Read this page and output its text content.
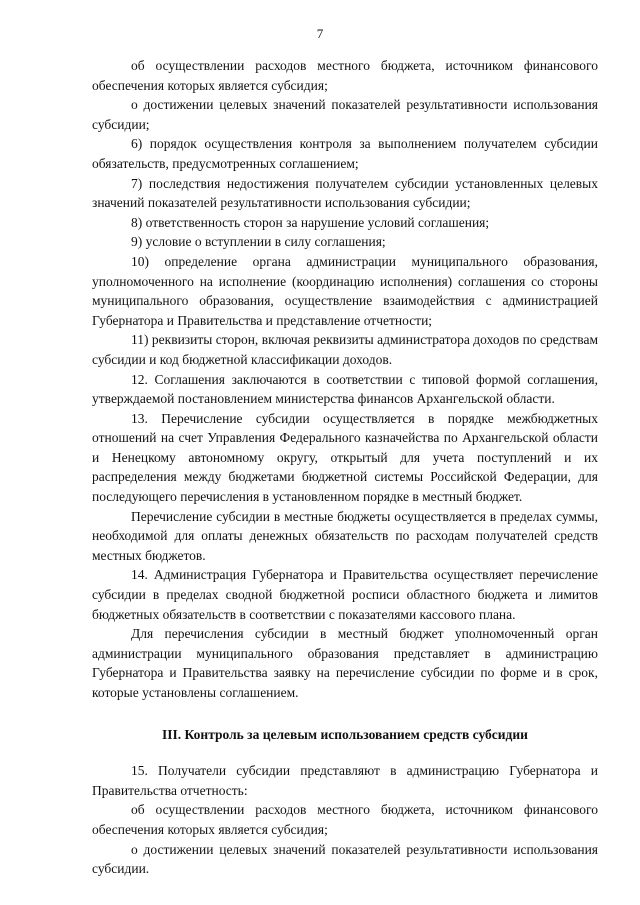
7

об осуществлении расходов местного бюджета, источником финансового обеспечения которых является субсидия;

о достижении целевых значений показателей результативности использования субсидии;

6) порядок осуществления контроля за выполнением получателем субсидии обязательств, предусмотренных соглашением;

7) последствия недостижения получателем субсидии установленных целевых значений показателей результативности использования субсидии;

8) ответственность сторон за нарушение условий соглашения;

9) условие о вступлении в силу соглашения;

10) определение органа администрации муниципального образования, уполномоченного на исполнение (координацию исполнения) соглашения со стороны муниципального образования, осуществление взаимодействия с администрацией Губернатора и Правительства и представление отчетности;

11) реквизиты сторон, включая реквизиты администратора доходов по средствам субсидии и код бюджетной классификации доходов.

12. Соглашения заключаются в соответствии с типовой формой соглашения, утверждаемой постановлением министерства финансов Архангельской области.

13. Перечисление субсидии осуществляется в порядке межбюджетных отношений на счет Управления Федерального казначейства по Архангельской области и Ненецкому автономному округу, открытый для учета поступлений и их распределения между бюджетами бюджетной системы Российской Федерации, для последующего перечисления в установленном порядке в местный бюджет.

Перечисление субсидии в местные бюджеты осуществляется в пределах суммы, необходимой для оплаты денежных обязательств по расходам получателей средств местных бюджетов.

14. Администрация Губернатора и Правительства осуществляет перечисление субсидии в пределах сводной бюджетной росписи областного бюджета и лимитов бюджетных обязательств в соответствии с показателями кассового плана.

Для перечисления субсидии в местный бюджет уполномоченный орган администрации муниципального образования представляет в администрацию Губернатора и Правительства заявку на перечисление субсидии по форме и в срок, которые установлены соглашением.

III. Контроль за целевым использованием средств субсидии

15. Получатели субсидии представляют в администрацию Губернатора и Правительства отчетность:

об осуществлении расходов местного бюджета, источником финансового обеспечения которых является субсидия;

о достижении целевых значений показателей результативности использования субсидии.
